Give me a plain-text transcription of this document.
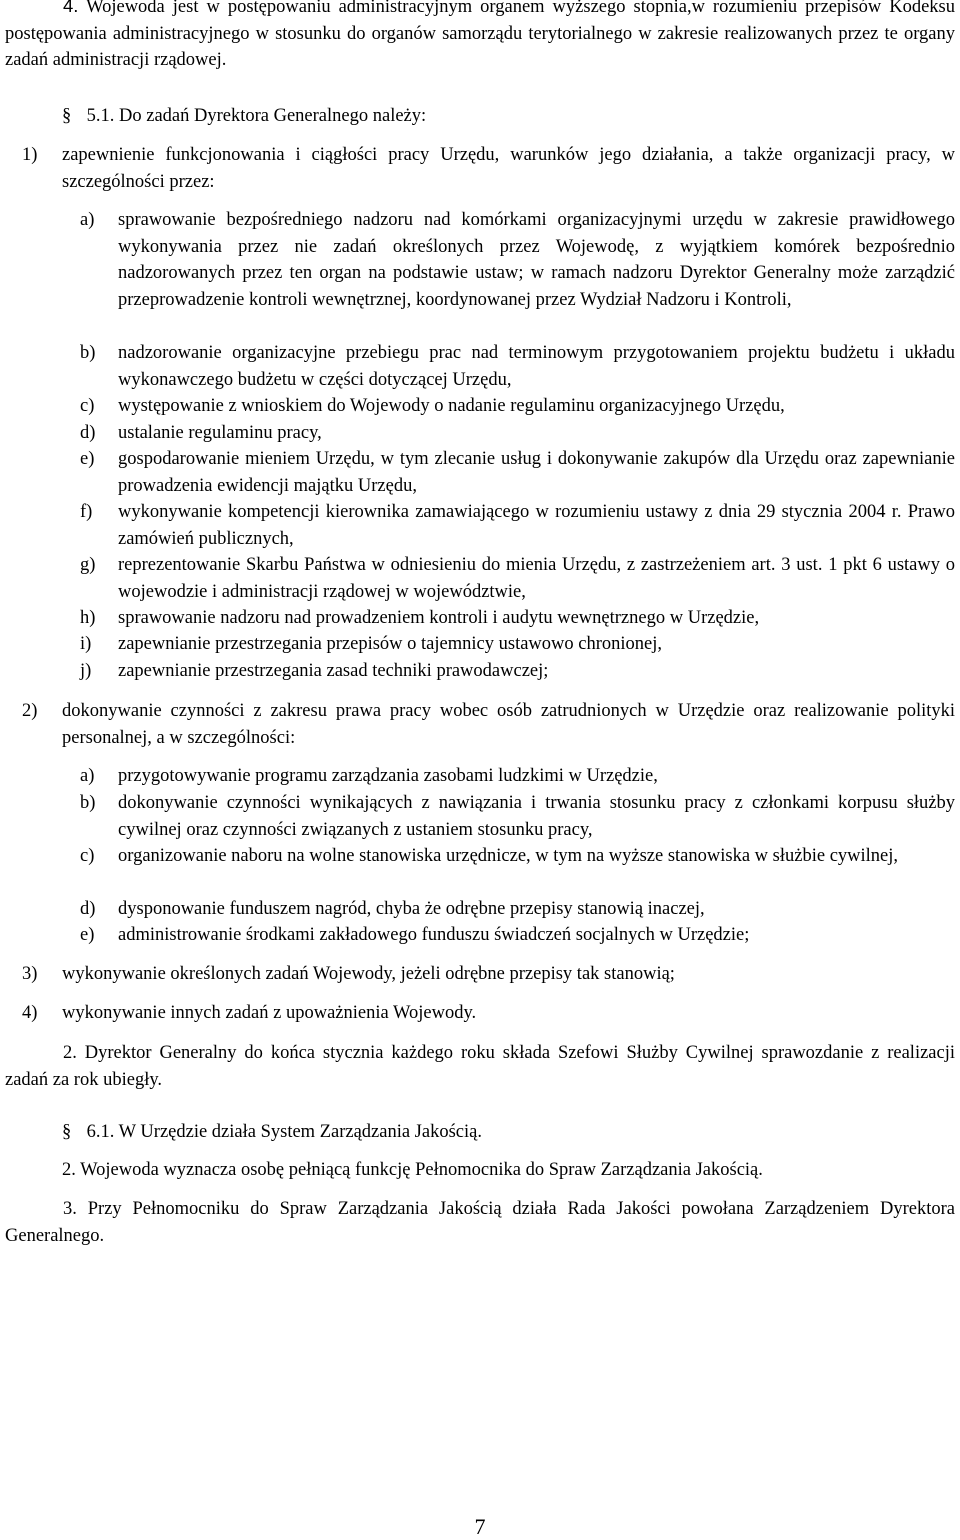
4. Wojewoda jest w postępowaniu administracyjnym organem wyższego stopnia,w rozumieniu przepisów Kodeksu postępowania administracyjnego w stosunku do organów samorządu terytorialnego w zakresie realizowanych przez te organy zadań administracji rządowej.
§ 5.1. Do zadań Dyrektora Generalnego należy:
1) zapewnienie funkcjonowania i ciągłości pracy Urzędu, warunków jego działania, a także organizacji pracy, w szczególności przez:
a) sprawowanie bezpośredniego nadzoru nad komórkami organizacyjnymi urzędu w zakresie prawidłowego wykonywania przez nie zadań określonych przez Wojewodę, z wyjątkiem komórek bezpośrednio nadzorowanych przez ten organ na podstawie ustaw; w ramach nadzoru Dyrektor Generalny może zarządzić przeprowadzenie kontroli wewnętrznej, koordynowanej przez Wydział Nadzoru i Kontroli,
b) nadzorowanie organizacyjne przebiegu prac nad terminowym przygotowaniem projektu budżetu i układu wykonawczego budżetu w części dotyczącej Urzędu,
c) występowanie z wnioskiem do Wojewody o nadanie regulaminu organizacyjnego Urzędu,
d) ustalanie regulaminu pracy,
e) gospodarowanie mieniem Urzędu, w tym zlecanie usług i dokonywanie zakupów dla Urzędu oraz zapewnianie prowadzenia ewidencji majątku Urzędu,
f) wykonywanie kompetencji kierownika zamawiającego w rozumieniu ustawy z dnia 29 stycznia 2004 r. Prawo zamówień publicznych,
g) reprezentowanie Skarbu Państwa w odniesieniu do mienia Urzędu, z zastrzeżeniem art. 3 ust. 1 pkt 6 ustawy o wojewodzie i administracji rządowej w województwie,
h) sprawowanie nadzoru nad prowadzeniem kontroli i audytu wewnętrznego w Urzędzie,
i) zapewnianie przestrzegania przepisów o tajemnicy ustawowo chronionej,
j) zapewnianie przestrzegania zasad techniki prawodawczej;
2) dokonywanie czynności z zakresu prawa pracy wobec osób zatrudnionych w Urzędzie oraz realizowanie polityki personalnej, a w szczególności:
a) przygotowywanie programu zarządzania zasobami ludzkimi w Urzędzie,
b) dokonywanie czynności wynikających z nawiązania i trwania stosunku pracy z członkami korpusu służby cywilnej oraz czynności związanych z ustaniem stosunku pracy,
c) organizowanie naboru na wolne stanowiska urzędnicze, w tym na wyższe stanowiska w służbie cywilnej,
d) dysponowanie funduszem nagród, chyba że odrębne przepisy stanowią inaczej,
e) administrowanie środkami zakładowego funduszu świadczeń socjalnych w Urzędzie;
3) wykonywanie określonych zadań Wojewody, jeżeli odrębne przepisy tak stanowią;
4) wykonywanie innych zadań z upoważnienia Wojewody.
2. Dyrektor Generalny do końca stycznia każdego roku składa Szefowi Służby Cywilnej sprawozdanie z realizacji zadań za rok ubiegły.
§ 6.1. W Urzędzie działa System Zarządzania Jakością.
2. Wojewoda wyznacza osobę pełniącą funkcję Pełnomocnika do Spraw Zarządzania Jakością.
3. Przy Pełnomocniku do Spraw Zarządzania Jakością działa Rada Jakości powołana Zarządzeniem Dyrektora Generalnego.
7
